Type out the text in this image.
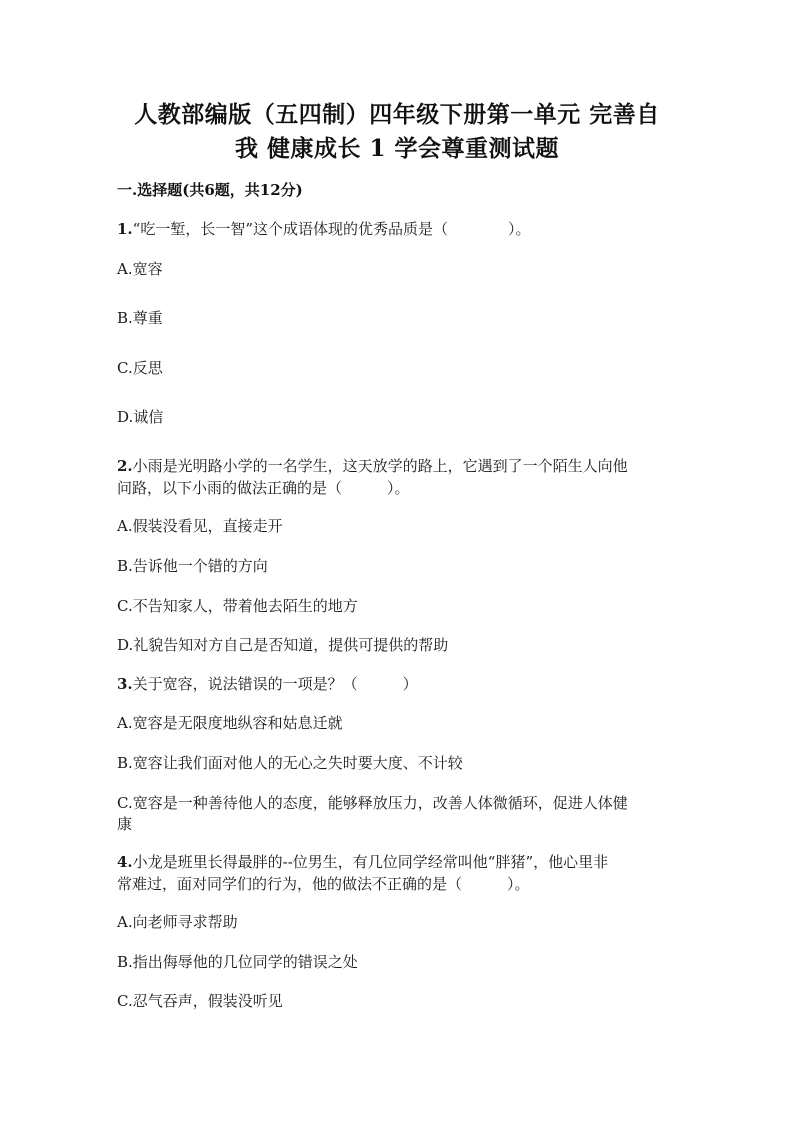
人教部编版（五四制）四年级下册第一单元 完善自
我 健康成长 1 学会尊重测试题
一.选择题(共6题，共12分)
1.“吃一堑，长一智”这个成语体现的优秀品质是（　　　　）。
A.宽容
B.尊重
C.反思
D.诚信
2.小雨是光明路小学的一名学生，这天放学的路上，它遇到了一个陌生人向他
问路，以下小雨的做法正确的是（　　　）。
A.假装没看见，直接走开
B.告诉他一个错的方向
C.不告知家人，带着他去陌生的地方
D.礼貌告知对方自己是否知道，提供可提供的帮助
3.关于宽容，说法错误的一项是？（　　　）
A.宽容是无限度地纵容和姑息迁就
B.宽容让我们面对他人的无心之失时要大度、不计较
C.宽容是一种善待他人的态度，能够释放压力，改善人体微循环，促进人体健
康
4.小龙是班里长得最胖的--位男生，有几位同学经常叫他“胖猪”，他心里非
常难过，面对同学们的行为，他的做法不正确的是（　　　）。
A.向老师寻求帮助
B.指出侮辱他的几位同学的错误之处
C.忍气吞声，假装没听见
